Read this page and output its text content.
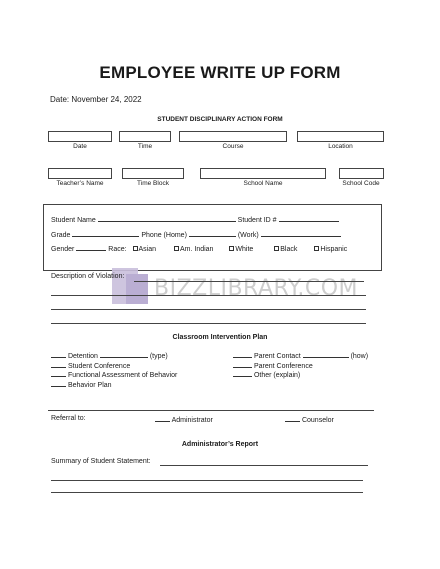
EMPLOYEE WRITE UP FORM
Date: November 24, 2022
STUDENT DISCIPLINARY ACTION FORM
Date	Time	Course	Location
Teacher’s Name	Time Block	School Name	School Code
Student Name	Student ID #
Grade	Phone (Home)	(Work)
Gender	Race: Asian	Am. Indian	White	Black	Hispanic
BIZZLIBRARY.COM
Description of Violation:
Classroom Intervention Plan
Detention	(type)
Student Conference
Functional Assessment of Behavior
Behavior Plan
Parent Contact	(how)
Parent Conference
Other (explain)
Referral to:	Administrator	Counselor
Administrator’s Report
Summary of Student Statement:
